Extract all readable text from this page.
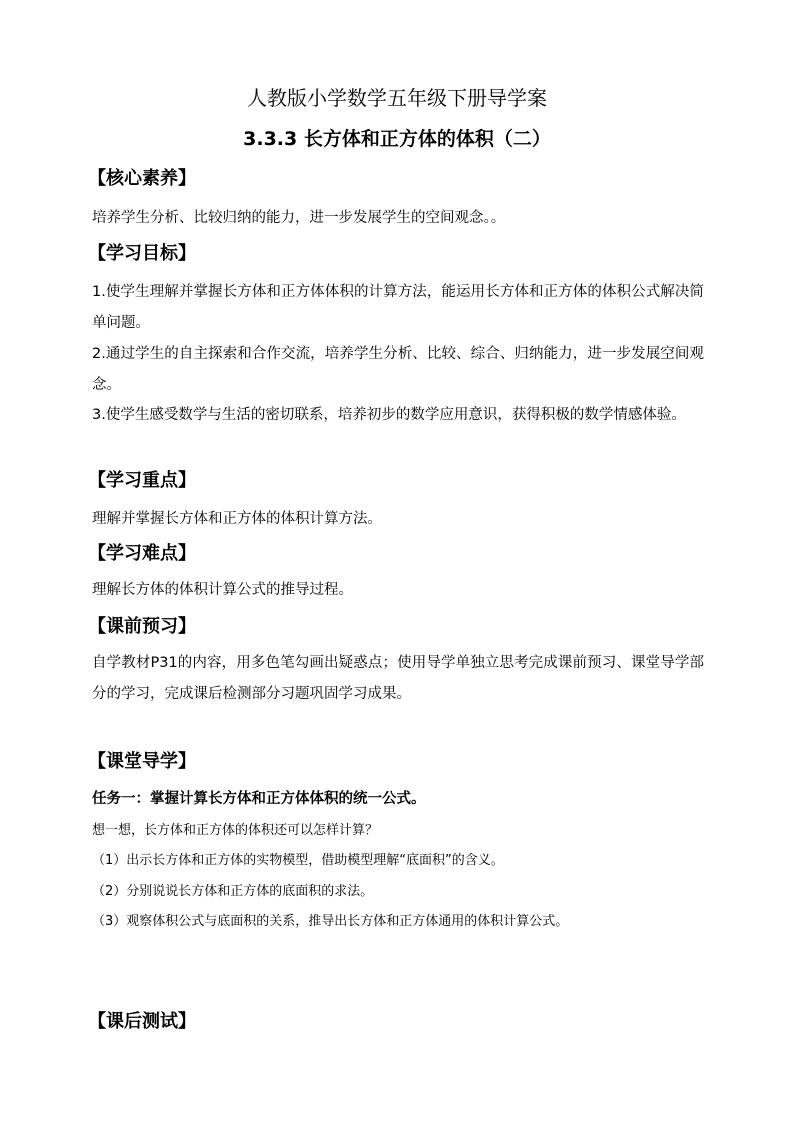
人教版小学数学五年级下册导学案
3.3.3 长方体和正方体的体积（二）
【核心素养】
培养学生分析、比较归纳的能力，进一步发展学生的空间观念。。
【学习目标】
1.使学生理解并掌握长方体和正方体体积的计算方法，能运用长方体和正方体的体积公式解决简单问题。
2.通过学生的自主探索和合作交流，培养学生分析、比较、综合、归纳能力，进一步发展空间观念。
3.使学生感受数学与生活的密切联系，培养初步的数学应用意识，获得积极的数学情感体验。
【学习重点】
理解并掌握长方体和正方体的体积计算方法。
【学习难点】
理解长方体的体积计算公式的推导过程。
【课前预习】
自学教材P31的内容，用多色笔勾画出疑惑点；使用导学单独立思考完成课前预习、课堂导学部分的学习，完成课后检测部分习题巩固学习成果。
【课堂导学】
任务一：掌握计算长方体和正方体体积的统一公式。
想一想，长方体和正方体的体积还可以怎样计算？
（1）出示长方体和正方体的实物模型，借助模型理解“底面积”的含义。
（2）分别说说长方体和正方体的底面积的求法。
（3）观察体积公式与底面积的关系，推导出长方体和正方体通用的体积计算公式。
【课后测试】
